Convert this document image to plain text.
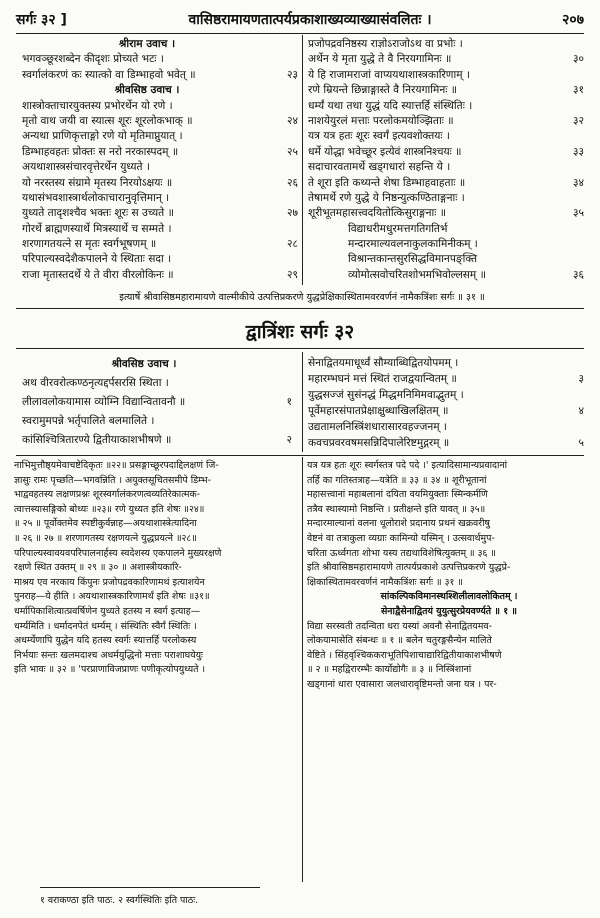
सर्गः ३२ ]	वासिष्ठरामायणतात्पर्यप्रकाशाख्यव्याख्यासंवलितः ।	२०७
श्रीराम उवाच ।
भगवञ्छूरशब्देन कीदृशः प्रोच्यते भटः ।
स्वर्गालंकरणं कः स्यात्को वा डिम्भाहवो भवेत् ॥	२३
श्रीवसिष्ठ उवाच ।
शास्त्रोक्ताचारयुक्तस्य प्रभोरर्थेन यो रणे ।
मृतो वाथ जयी वा स्यात्स शूरः शूरलोकभाक् ॥	२४
अन्यथा प्राणिकृत्ताङ्गो रणे यो मृतिमाप्नुयात् ।
डिम्भाहवहतः प्रोक्तः स नरो नरकास्पदम् ॥	२५
अयथाशास्त्रसंचारवृत्तेरर्थेन युध्यते ।
यो नरस्तस्य संग्रामे मृतस्य निरयोऽक्षयः ॥	२६
यथासंभवशास्त्रार्थलोकाचारानुवृत्तिमान् ।
युध्यते तादृशश्चैव भक्तः शूरः स उच्यते ॥	२७
गोरर्थे ब्राह्मणस्यार्थे मित्रस्यार्थे च सम्मते ।
शरणागतयत्ने स मृतः स्वर्गभूषणम् ॥	२८
परिपाल्यस्वदेशैकपालने ये स्थिताः सदा ।
राजा मृतास्तदर्थे ये ते वीरा वीरलोकिनः ॥	२९
प्रजोपद्रवनिष्ठस्य राज्ञोऽराजोऽथ वा प्रभोः ।
अर्थेन ये मृता युद्धे ते वै निरयगामिनः ॥	३०
ये हि राजामराजां वाप्ययथाशास्त्रकारिणाम् ।
रणे म्रियन्ते छिन्नाङ्गास्ते वै निरयगामिनः ॥	३१
धर्म्यं यथा तथा युद्धं यदि स्यात्तर्हि संस्थितिः ।
नाशयेयुरलं मत्ताः परलोकमयोञ्झिताः ॥	३२
यत्र यत्र हतः शूरः स्वर्गं इत्यवशोक्तयः ।
धर्मे योद्धा भवेच्छूर इत्येवं शास्त्रनिश्चयः ॥	३३
सदाचारवतामर्थे खड्गधारां सहन्ति ये ।
ते शूरा इति कथ्यन्ते शेषा डिम्भाहवाहताः ॥	३४
तेषामर्थे रणे युद्धे ये निष्ठन्युत्कण्ठिताङ्गनाः ।
शूरीभूतमहासत्त्वदयितोत्किसुराङ्गनाः ॥	३५
विद्याधरीमधुरमत्तगतिगतिर्भ
मन्दारमाल्यवलनाकुलकामिनीकम् ।
विश्रान्तकान्तसुरसिद्धविमानपङ्क्ति
व्योमोत्सवोचरितशोभमभिवोल्लसम् ॥	३६
इत्यार्षे श्रीवासिष्ठमहारामायणे वाल्मीकीये उत्पत्तिप्रकरणे युद्धप्रेक्षिकास्थितामवरवर्णनं नामैकत्रिंशः सर्गः ॥ ३१ ॥
द्वात्रिंशः सर्गः ३२
श्रीवसिष्ठ उवाच ।
अथ वीरवरोत्कण्ठनृत्यद्दर्पसरसि स्थिता ।
लीलावलोकयामास व्योम्नि विद्यान्वितावनौ ॥	१
स्वरामुमपन्ने भर्तृपालिते बलमालिते ।
कांसिश्चित्रितारण्ये द्वितीयाकाशभीषणे ॥	२
सेनाद्वितयमाधूर्ध्वं सौम्याब्धिद्वितयोपमम् ।
महारम्भघनं मत्तं स्थितं राजद्वयान्वितम् ॥	३
युद्धसज्जं सुसंनद्धं मिद्धमनिमिमवाद्भुतम् ।
पूर्वेमहारसंपातप्रेक्षाक्षुब्धाखिलक्षितम् ॥	४
उद्यतामलनिस्त्रिंशधारासारवहज्जनम् ।
कवचप्रवरवषमसन्निदिपालेरिष्टमुद्गरम् ॥	५
नाभिमुत्तौष्ठ्यमेवाचष्टेदिकृतः ॥२२॥ प्रसङ्गाच्छूरपदाद्दिलक्षणं जि-
ज्ञासुः रामः पृच्छति—भगवन्निति । अयुक्तसूचितसमीपे डिम्भ-
भाद्ववहतस्य लक्षणप्रश्नः शूरस्वर्गालंकरणत्वव्यतिरेकात्मक-
त्वात्तस्यासङ्गिको बोध्यः ॥२३॥ रणे युध्यत इति शेषः ॥२४॥
॥ २५ ॥ पूर्वोक्तमेव स्पष्टीकुर्वन्नाह—अयथाशास्त्रेत्यादिना
॥ २६ ॥ २७ ॥ शरणागतस्य रक्षणयत्ने युद्धप्रयत्ने ॥२८॥
परिपाल्यस्वावयवपरिपालनार्हस्य स्वदेशस्य एकपालने मुख्यरक्षणे
रक्षणे स्थित उक्तम् ॥ २९ ॥ ३० ॥ अशास्त्रीयकारि-
माश्रय एव नरकाय किंपुनः प्रजोपद्रवकारिणामथं इत्याशयेन
पुनराह—ये हीति । अयथाशास्त्रकारिणामर्थं इति शेषः ॥३१॥
धर्मापिकाशित्वात्प्रवर्षिणेन युध्यते हतस्य न स्वर्ग इत्याह—
धर्म्यमिति । धर्मादनपेतं धर्म्यम् । संस्थितिः स्वैर्गं स्थितिः ।
अधर्म्येणापि युद्धेन यदि हतस्य स्वर्गः स्यात्तर्हि परलोकस्य
निर्भयाः सन्तः खलमदाश्च अधर्मयुद्धिनो मत्ताः पराशाघयेयुः
इति भावः ॥ ३२ ॥ 'परप्राणाविजप्राणः पणीकृत्योपयुध्यते ।
यत्र यत्र हतः शूरः स्वर्गस्तत्र पदे पदे ।' इत्यादिसामान्यप्रवादानां
तर्हि का गतिस्तत्राह—यत्रेति ॥ ३३ ॥ ३४ ॥ शूरीभूतानां
महासत्त्वानां महाबलानां दयिता वयमियुक्ताः स्मिन्कर्मणि
तत्रैव स्थास्यामो निष्ठन्ति । प्रतीक्षन्ते इति यावत् ॥ ३५॥
मन्दारमाल्यानां वलना धूलोराशे प्रदानाय प्रथनं खक्रवरीषु
वेष्टनं वा तत्राकुला व्यग्राः कामिन्यो यस्मिन् । उत्सवार्थमुप-
चरिता ऊर्ध्वगता शोभा यस्य तद्यथाविशेषित्युक्तम् ॥ ३६ ॥
इति श्रीवासिष्ठमहारामायणे तात्पर्यप्रकाशे उत्पत्तिप्रकरणे युद्धप्रे-
क्षिकास्थितामवरवर्णनं नामैकत्रिंशः सर्गः ॥ ३१ ॥
सांकल्पिकविमानस्थश्शिलीलावलोकितम् ।
सेनाद्वैसेनाद्वितयं युयुत्सुरप्रेयवर्ण्यते ॥ १ ॥
विद्या सरस्वती तदन्विता धरा यस्यां अवनौ सेनाद्वितयमव-
लोकयामासेति संबन्धः ॥ १ ॥ बलेन चतुरङ्गसैन्येन मालिते
वेष्टिते । सिंहवृश्चिककराभूतिपिशाचाद्यारिद्वितीयाकाशभीषणे
॥ २ ॥ महद्विरारम्भैः कार्योद्योगैः ॥ ३ ॥ निस्त्रिंशानां
खड्गानां धारा एवासारा जलधारावृष्टिमन्तो जना यत्र । पर-
१ वराकण्ठा इति पाठः. २ स्वर्गस्थितिः इति पाठः.
